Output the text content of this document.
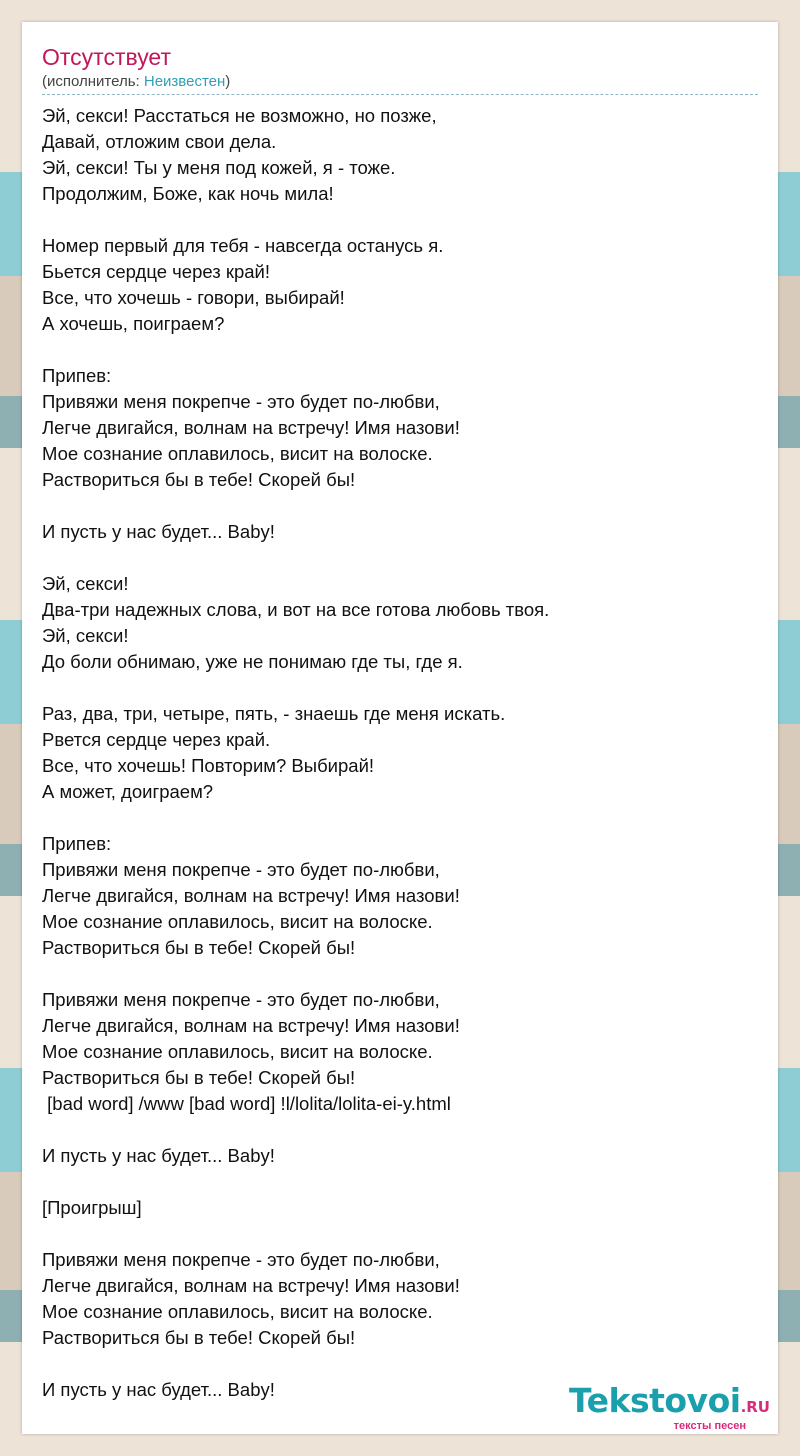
Отсутствует
(исполнитель: Неизвестен)
Эй, секси! Расстаться не возможно, но позже,
Давай, отложим свои дела.
Эй, секси! Ты у меня под кожей, я - тоже.
Продолжим, Боже, как ночь мила!
Номер первый для тебя - навсегда останусь я.
Бьется сердце через край!
Все, что хочешь - говори, выбирай!
А хочешь, поиграем?
Припев:
Привяжи меня покрепче - это будет по-любви,
Легче двигайся, волнам на встречу! Имя назови!
Мое сознание оплавилось, висит на волоске.
Раствориться бы в тебе! Скорей бы!
И пусть у нас будет... Baby!
Эй, секси!
Два-три надежных слова, и вот на все готова любовь твоя.
Эй, секси!
До боли обнимаю, уже не понимаю где ты, где я.
Раз, два, три, четыре, пять, - знаешь где меня искать.
Рвется сердце через край.
Все, что хочешь! Повторим? Выбирай!
А может, доиграем?
Припев:
Привяжи меня покрепче - это будет по-любви,
Легче двигайся, волнам на встречу! Имя назови!
Мое сознание оплавилось, висит на волоске.
Раствориться бы в тебе! Скорей бы!
Привяжи меня покрепче - это будет по-любви,
Легче двигайся, волнам на встречу! Имя назови!
Мое сознание оплавилось, висит на волоске.
Раствориться бы в тебе! Скорей бы!
[bad word] /www [bad word] !l/lolita/lolita-ei-y.html
И пусть у нас будет... Baby!
[Проигрыш]
Привяжи меня покрепче - это будет по-любви,
Легче двигайся, волнам на встречу! Имя назови!
Мое сознание оплавилось, висит на волоске.
Раствориться бы в тебе! Скорей бы!
И пусть у нас будет... Baby!	Tekstovoi.RU
тексты песен
